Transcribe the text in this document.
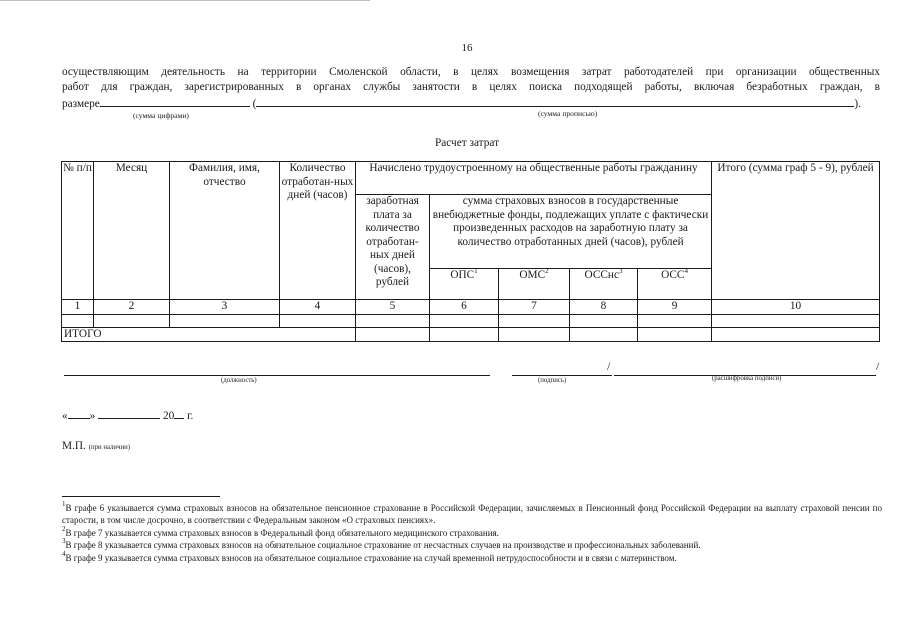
16

осуществляющим деятельность на территории Смоленской области, в целях возмещения затрат работодателей при организации общественных

работ для граждан, зарегистрированных в органах службы занятости в целях поиска подходящей работы, включая безработных граждан, в

размере	(	).

(сумма цифрами)	(сумма прописью)
Расчет затрат
№ п/п	Месяц	Фамилия, имя, отчество	Количество отработан-ных дней (часов)	Начислено трудоустроенному на общественные работы гражданину					Итого (сумма граф 5 - 9), рублей
				заработная плата за количество отработан-ных дней (часов), рублей	сумма страховых взносов в государственные внебюджетные фонды, подлежащих уплате с фактически произведенных расходов на заработную плату за количество отработанных дней (часов), рублей				
					ОПС$^1$	ОМС$^2$	ОССнс$^3$	ОСС$^4$
1	2	3	4	5	6	7	8	9	10

ИТОГО									
(должность)
/
(подпись)
/
(расшифровка подписи)
« »	20 г.
М.П. (при наличии)

$^1$В графе 6 указывается сумма страховых взносов на обязательное пенсионное страхование в Российской Федерации, зачисляемых в Пенсионный фонд Российской Федерации на выплату страховой пенсии по старости, в том числе досрочно, в соответствии с Федеральным законом «О страховых пенсиях».

$^2$В графе 7 указывается сумма страховых взносов в Федеральный фонд обязательного медицинского страхования.

$^3$В графе 8 указывается сумма страховых взносов на обязательное социальное страхование от несчастных случаев на производстве и профессиональных заболеваний.

$^4$В графе 9 указывается сумма страховых взносов на обязательное социальное страхование на случай временной нетрудоспособности и в связи с материнством.
